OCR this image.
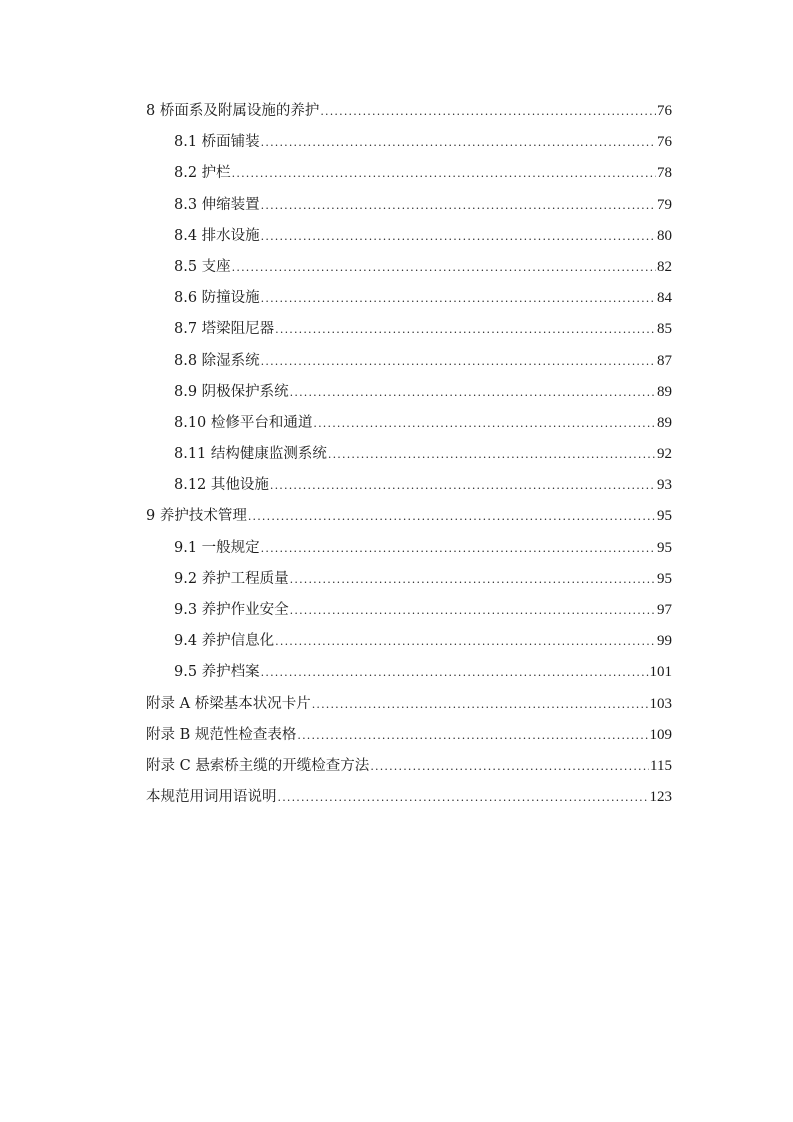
8 桥面系及附属设施的养护 .....	76
8.1 桥面铺装 .....	76
8.2 护栏 .....	78
8.3 伸缩装置 .....	79
8.4 排水设施 .....	80
8.5 支座 .....	82
8.6 防撞设施 .....	84
8.7 塔梁阻尼器 .....	85
8.8 除湿系统 .....	87
8.9 阴极保护系统 .....	89
8.10 检修平台和通道 .....	89
8.11 结构健康监测系统 .....	92
8.12 其他设施 .....	93
9 养护技术管理 .....	95
9.1 一般规定 .....	95
9.2 养护工程质量 .....	95
9.3 养护作业安全 .....	97
9.4 养护信息化 .....	99
9.5 养护档案 .....	101
附录 A 桥梁基本状况卡片 .....	103
附录 B 规范性检查表格 .....	109
附录 C 悬索桥主缆的开缆检查方法 .....	115
本规范用词用语说明 .....	123
